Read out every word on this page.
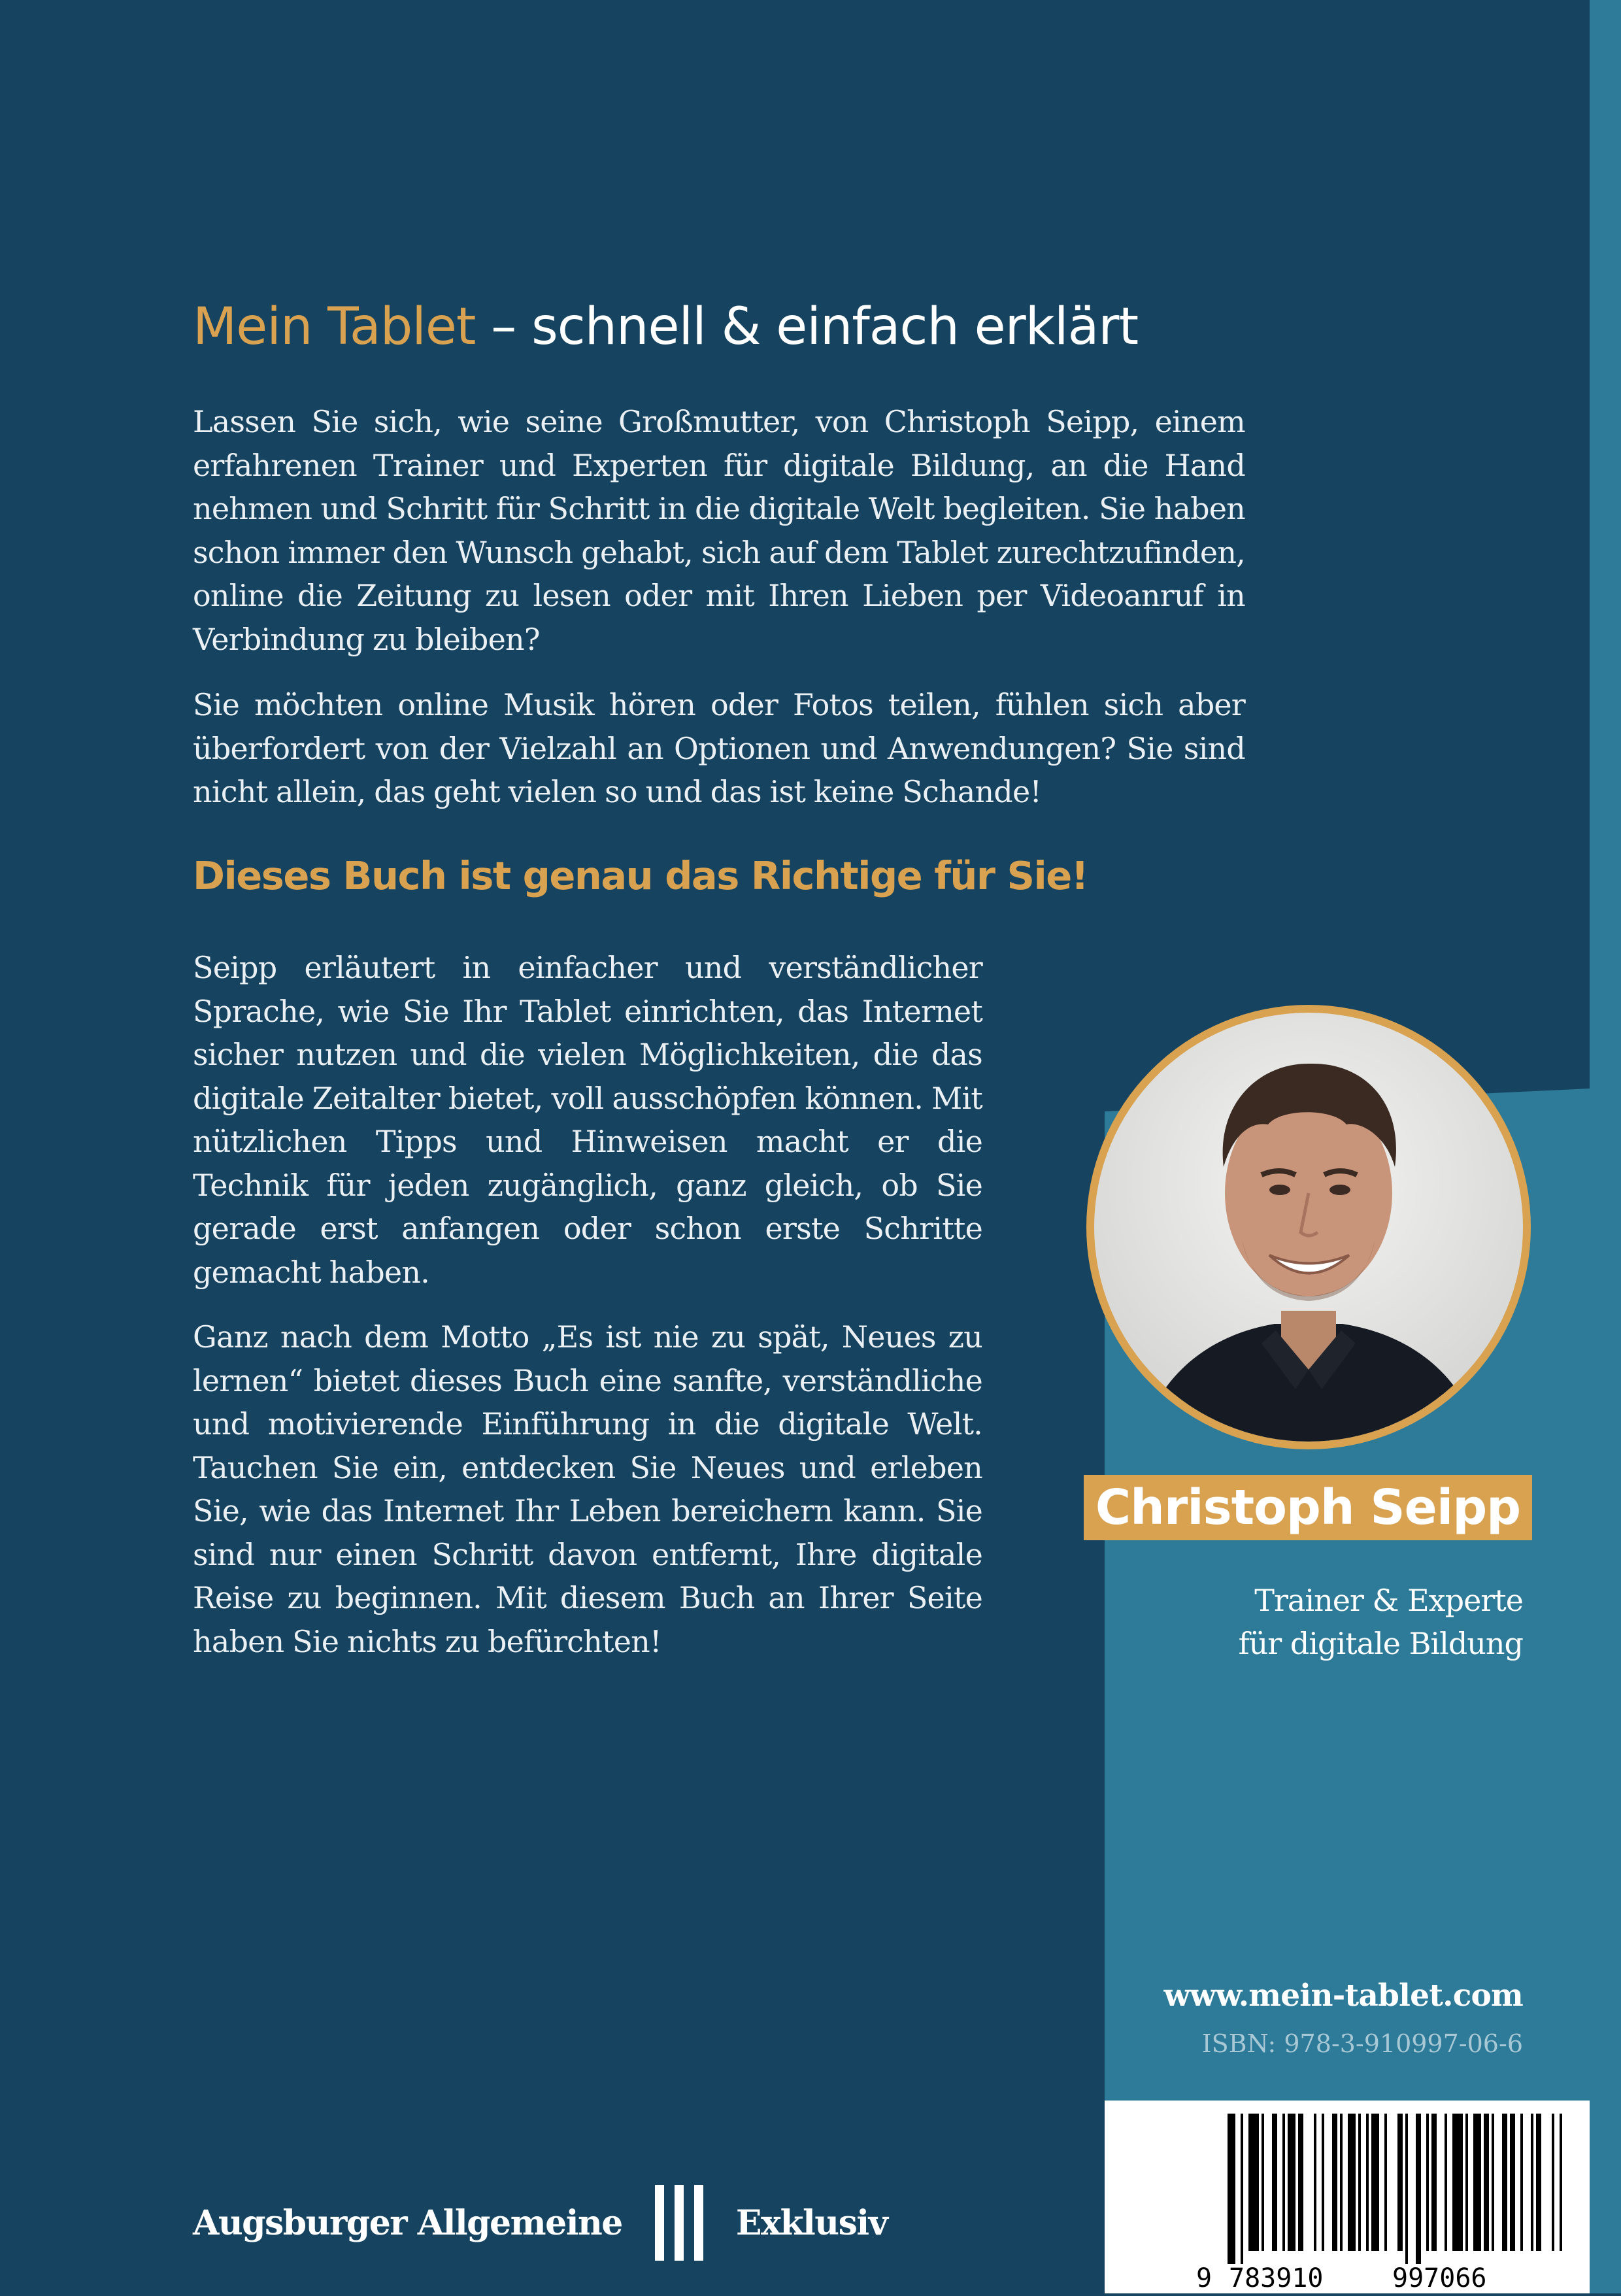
Mein Tablet – schnell & einfach erklärt

Lassen Sie sich, wie seine Großmutter, von Christoph Seipp, einem erfahrenen Trainer und Experten für digitale Bildung, an die Hand nehmen und Schritt für Schritt in die digitale Welt begleiten. Sie haben schon immer den Wunsch gehabt, sich auf dem Tablet zurechtzufinden, online die Zeitung zu lesen oder mit Ihren Lieben per Videoanruf in Verbindung zu bleiben?

Sie möchten online Musik hören oder Fotos teilen, fühlen sich aber überfordert von der Vielzahl an Optionen und Anwendungen? Sie sind nicht allein, das geht vielen so und das ist keine Schande!

Dieses Buch ist genau das Richtige für Sie!

Seipp erläutert in einfacher und verständlicher Sprache, wie Sie Ihr Tablet einrichten, das Internet sicher nutzen und die vielen Möglichkeiten, die das digitale Zeitalter bietet, voll ausschöpfen können. Mit nützlichen Tipps und Hinweisen macht er die Technik für jeden zugänglich, ganz gleich, ob Sie gerade erst anfangen oder schon erste Schritte gemacht haben.

Ganz nach dem Motto „Es ist nie zu spät, Neues zu lernen“ bietet dieses Buch eine sanfte, verständliche und motivierende Einführung in die digitale Welt. Tauchen Sie ein, entdecken Sie Neues und erleben Sie, wie das Internet Ihr Leben bereichern kann. Sie sind nur einen Schritt davon entfernt, Ihre digitale Reise zu beginnen. Mit diesem Buch an Ihrer Seite haben Sie nichts zu befürchten!

Christoph Seipp

Trainer & Experte
für digitale Bildung

www.mein-tablet.com
ISBN: 978-3-910997-06-6
9 783910	997066
Augsburger Allgemeine	Exklusiv
